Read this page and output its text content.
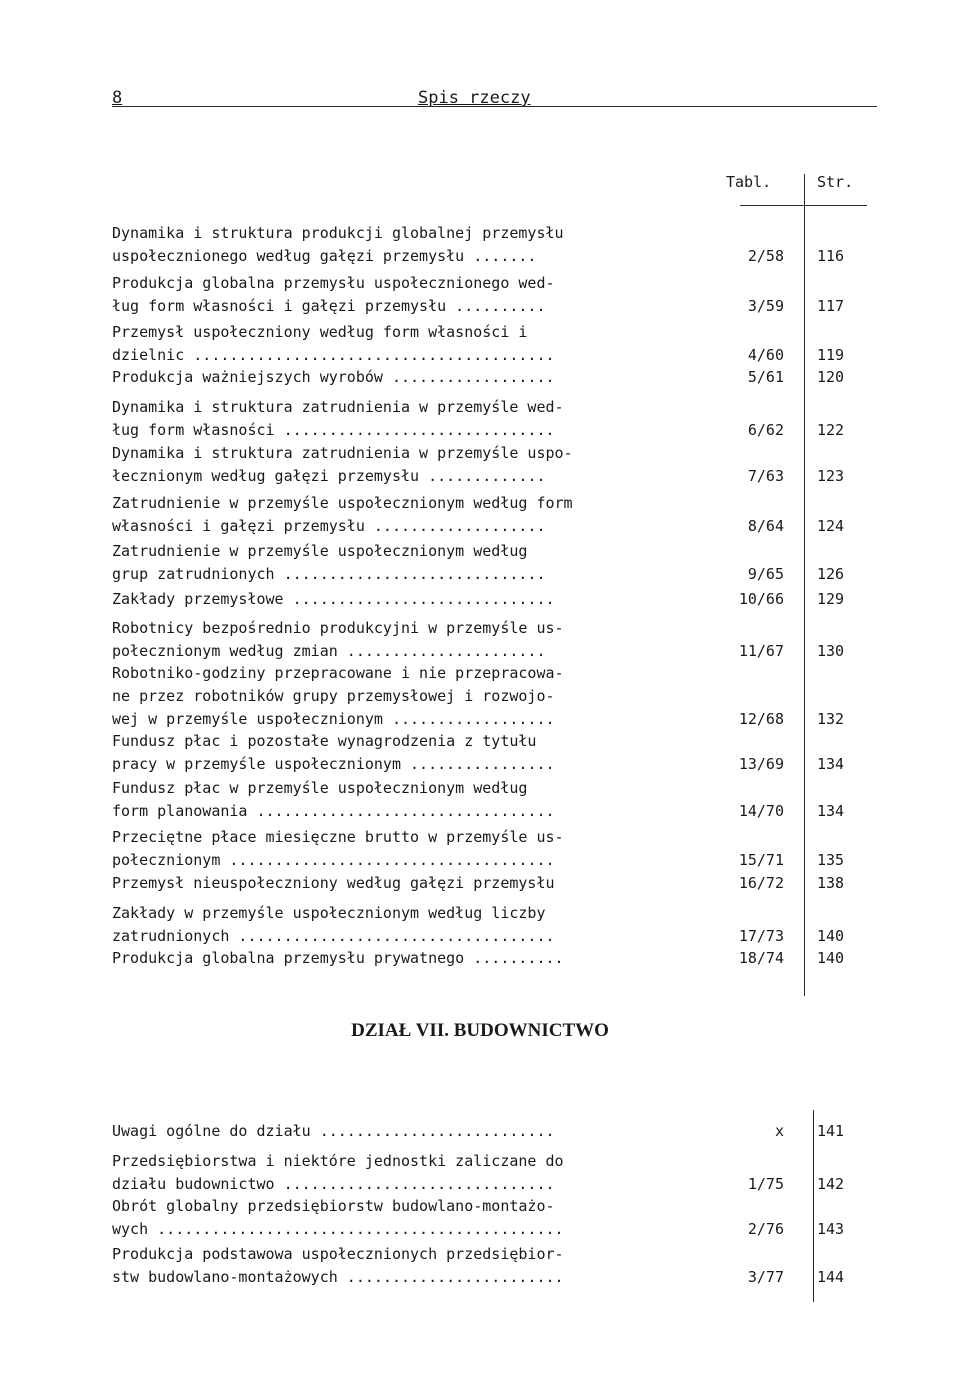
8	Spis rzeczy
Tabl.	Str.
Dynamika i struktura produkcji globalnej przemysłu
uspołecznionego według gałęzi przemysłu .......	2/58 116
Produkcja globalna przemysłu uspołecznionego wed-
ług form własności i gałęzi przemysłu ..........	3/59 117
Przemysł uspołeczniony według form własności i
dzielnic ........................................	4/60 119
Produkcja ważniejszych wyrobów ..................	5/61 120
Dynamika i struktura zatrudnienia w przemyśle wed-
ług form własności ..............................	6/62 122
Dynamika i struktura zatrudnienia w przemyśle uspo-
łecznionym według gałęzi przemysłu .............	7/63 123
Zatrudnienie w przemyśle uspołecznionym według form
własności i gałęzi przemysłu ...................	8/64 124
Zatrudnienie w przemyśle uspołecznionym według
grup zatrudnionych .............................	9/65 126
Zakłady przemysłowe .............................	10/66 129
Robotnicy bezpośrednio produkcyjni w przemyśle us-
połecznionym według zmian ......................	11/67 130
Robotniko-godziny przepracowane i nie przepracowa-
ne przez robotników grupy przemysłowej i rozwojo-
wej w przemyśle uspołecznionym ..................	12/68 132
Fundusz płac i pozostałe wynagrodzenia z tytułu
pracy w przemyśle uspołecznionym ................	13/69 134
Fundusz płac w przemyśle uspołecznionym według
form planowania .................................	14/70 134
Przeciętne płace miesięczne brutto w przemyśle us-
połecznionym ....................................	15/71 135
Przemysł nieuspołeczniony według gałęzi przemysłu	16/72 138
Zakłady w przemyśle uspołecznionym według liczby
zatrudnionych ...................................	17/73 140
Produkcja globalna przemysłu prywatnego ..........	18/74 140
DZIAŁ VII. BUDOWNICTWO
Uwagi ogólne do działu ..........................	x 141
Przedsiębiorstwa i niektóre jednostki zaliczane do
działu budownictwo ..............................	1/75 142
Obrót globalny przedsiębiorstw budowlano-montażo-
wych .............................................	2/76 143
Produkcja podstawowa uspołecznionych przedsiębior-
stw budowlano-montażowych ........................	3/77 144
